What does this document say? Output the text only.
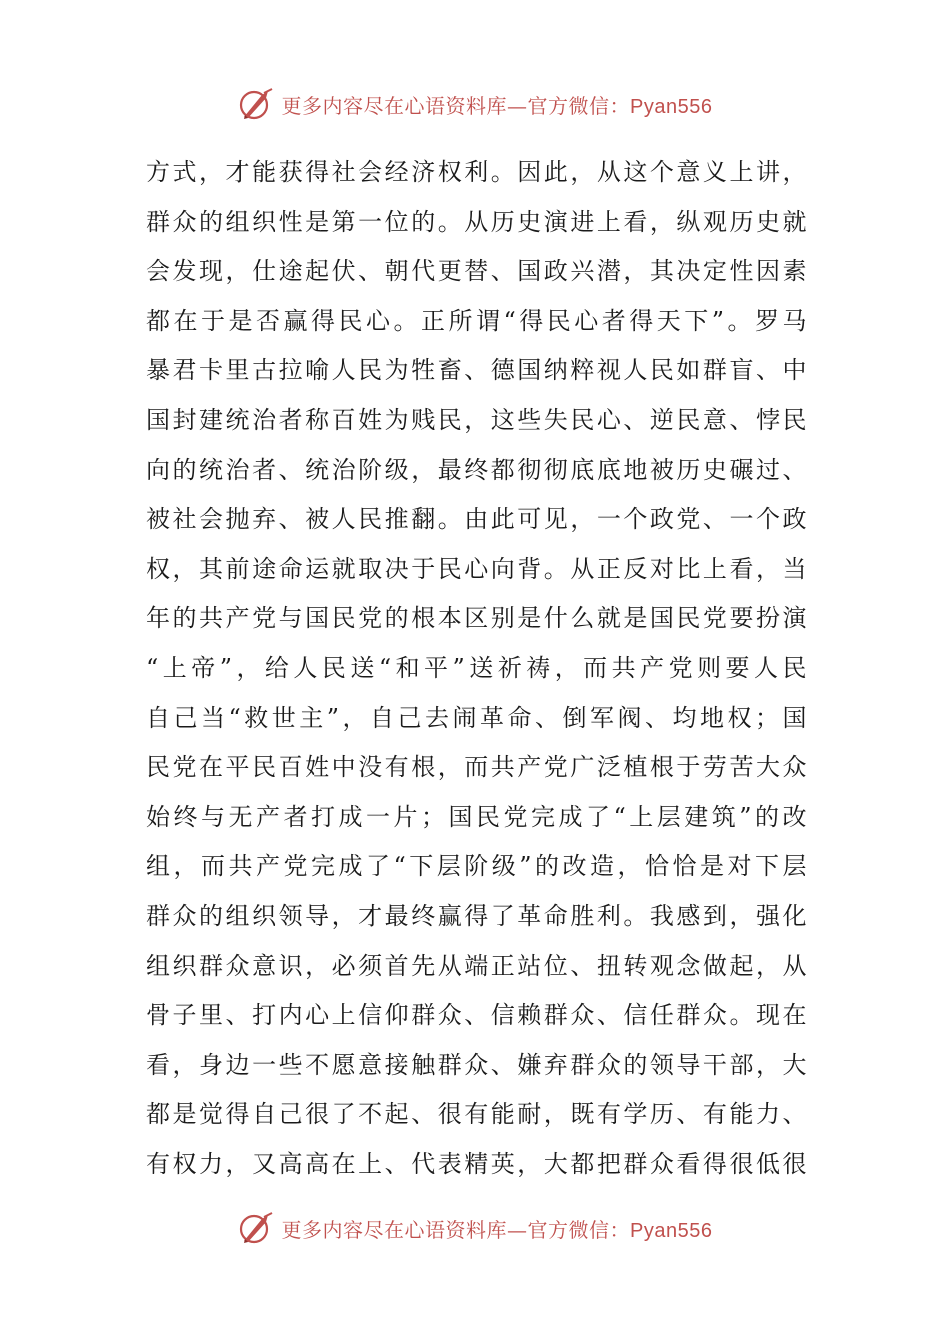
更多内容尽在心语资料库—官方微信：Pyan556
方式，才能获得社会经济权利。因此，从这个意义上讲，
群众的组织性是第一位的。从历史演进上看，纵观历史就
会发现，仕途起伏、朝代更替、国政兴潜，其决定性因素
都在于是否赢得民心。正所谓“得民心者得天下”。罗马
暴君卡里古拉喻人民为牲畜、德国纳粹视人民如群盲、中
国封建统治者称百姓为贱民，这些失民心、逆民意、悖民
向的统治者、统治阶级，最终都彻彻底底地被历史碾过、
被社会抛弃、被人民推翻。由此可见，一个政党、一个政
权，其前途命运就取决于民心向背。从正反对比上看，当
年的共产党与国民党的根本区别是什么就是国民党要扮演
“上帝”，给人民送“和平”送祈祷，而共产党则要人民
自己当“救世主”，自己去闹革命、倒军阀、均地权；国
民党在平民百姓中没有根，而共产党广泛植根于劳苦大众
始终与无产者打成一片；国民党完成了“上层建筑”的改
组，而共产党完成了“下层阶级”的改造，恰恰是对下层
群众的组织领导，才最终赢得了革命胜利。我感到，强化
组织群众意识，必须首先从端正站位、扭转观念做起，从
骨子里、打内心上信仰群众、信赖群众、信任群众。现在
看，身边一些不愿意接触群众、嫌弃群众的领导干部，大
都是觉得自己很了不起、很有能耐，既有学历、有能力、
有权力，又高高在上、代表精英，大都把群众看得很低很
更多内容尽在心语资料库—官方微信：Pyan556
